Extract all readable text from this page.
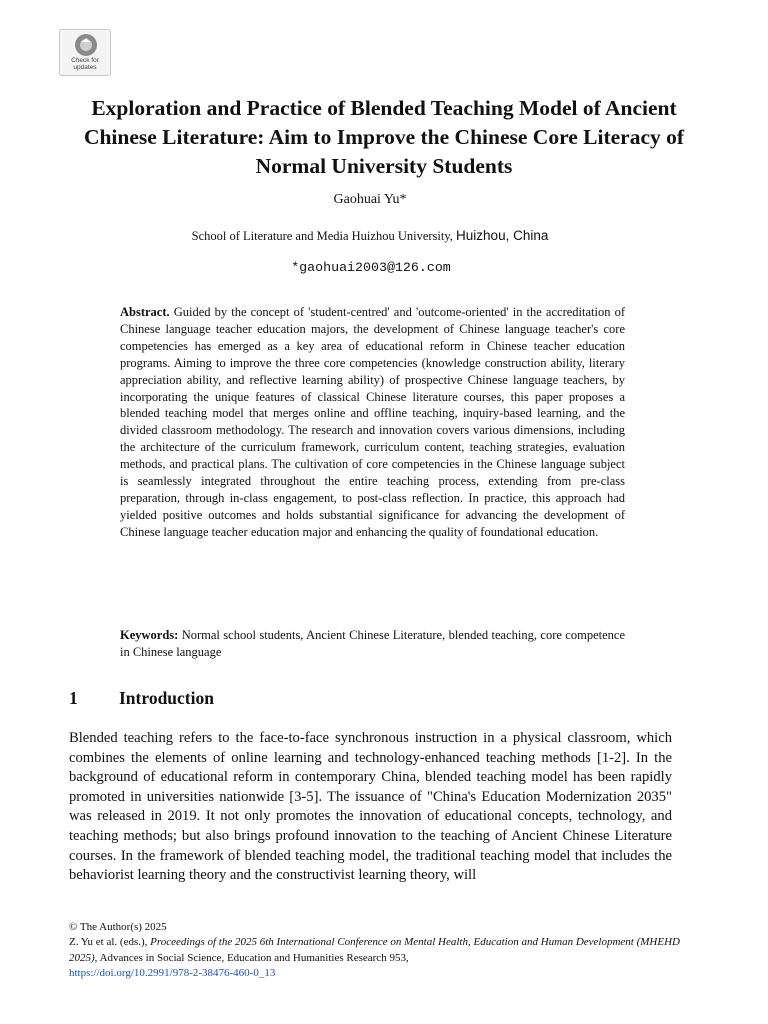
Check for
updates
Exploration and Practice of Blended Teaching Model of Ancient Chinese Literature: Aim to Improve the Chinese Core Literacy of Normal University Students
Gaohuai Yu*
School of Literature and Media Huizhou University, Huizhou, China
*gaohuai2003@126.com

Abstract. Guided by the concept of 'student-centred' and 'outcome-oriented' in the accreditation of Chinese language teacher education majors, the development of Chinese language teacher's core competencies has emerged as a key area of educational reform in Chinese teacher education programs. Aiming to improve the three core competencies (knowledge construction ability, literary appreciation ability, and reflective learning ability) of prospective Chinese language teachers, by incorporating the unique features of classical Chinese literature courses, this paper proposes a blended teaching model that merges online and offline teaching, inquiry-based learning, and the divided classroom methodology. The research and innovation covers various dimensions, including the architecture of the curriculum framework, curriculum content, teaching strategies, evaluation methods, and practical plans. The cultivation of core competencies in the Chinese language subject is seamlessly integrated throughout the entire teaching process, extending from pre-class preparation, through in-class engagement, to post-class reflection. In practice, this approach had yielded positive outcomes and holds substantial significance for advancing the development of Chinese language teacher education major and enhancing the quality of foundational education.

Keywords: Normal school students, Ancient Chinese Literature, blended teaching, core competence in Chinese language

1 Introduction

Blended teaching refers to the face-to-face synchronous instruction in a physical classroom, which combines the elements of online learning and technology-enhanced teaching methods [1-2]. In the background of educational reform in contemporary China, blended teaching model has been rapidly promoted in universities nationwide [3-5]. The issuance of "China's Education Modernization 2035" was released in 2019. It not only promotes the innovation of educational concepts, technology, and teaching methods; but also brings profound innovation to the teaching of Ancient Chinese Literature courses. In the framework of blended teaching model, the traditional teaching model that includes the behaviorist learning theory and the constructivist learning theory, will

© The Author(s) 2025
Z. Yu et al. (eds.), Proceedings of the 2025 6th International Conference on Mental Health, Education and Human Development (MHEHD 2025), Advances in Social Science, Education and Humanities Research 953,
https://doi.org/10.2991/978-2-38476-460-0_13
